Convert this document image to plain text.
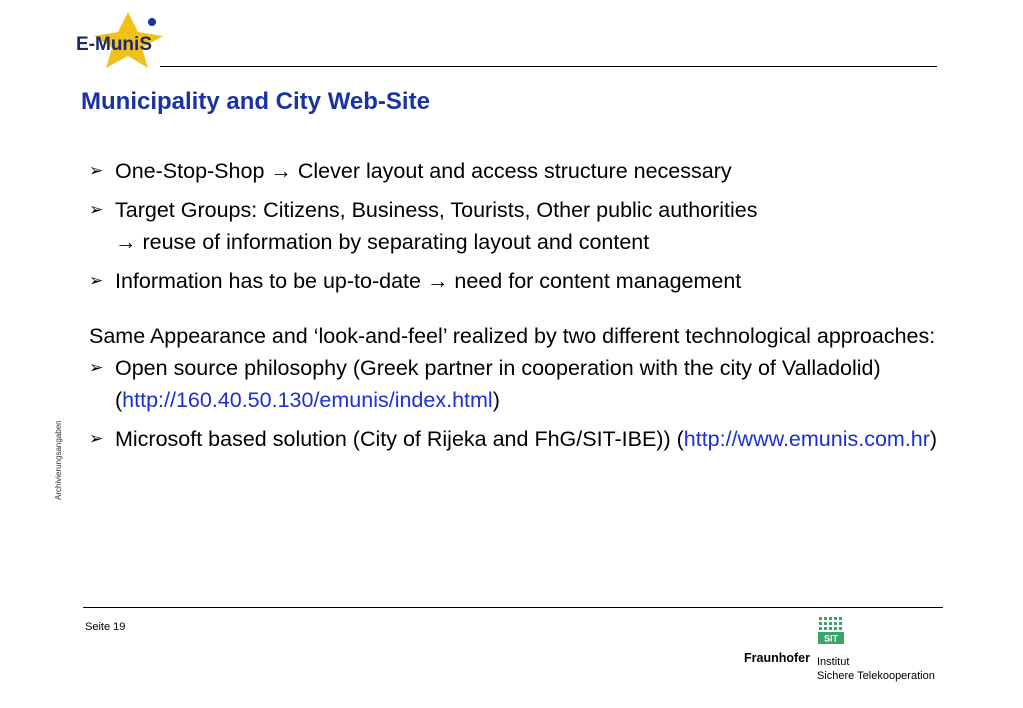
E-MuniS
Municipality and City Web-Site
Archivierungsangaben
➢ One-Stop-Shop → Clever layout and access structure necessary
➢ Target Groups: Citizens, Business, Tourists, Other public authorities
→ reuse of information by separating layout and content
➢ Information has to be up-to-date → need for content management

Same Appearance and ‘look-and-feel’ realized by two different technological approaches:

➢ Open source philosophy (Greek partner in cooperation with the city of Valladolid) (http://160.40.50.130/emunis/index.html)
➢ Microsoft based solution (City of Rijeka and FhG/SIT-IBE)) (http://www.emunis.com.hr)
Seite 19
SIT
Fraunhofer Institut
Sichere Telekooperation
